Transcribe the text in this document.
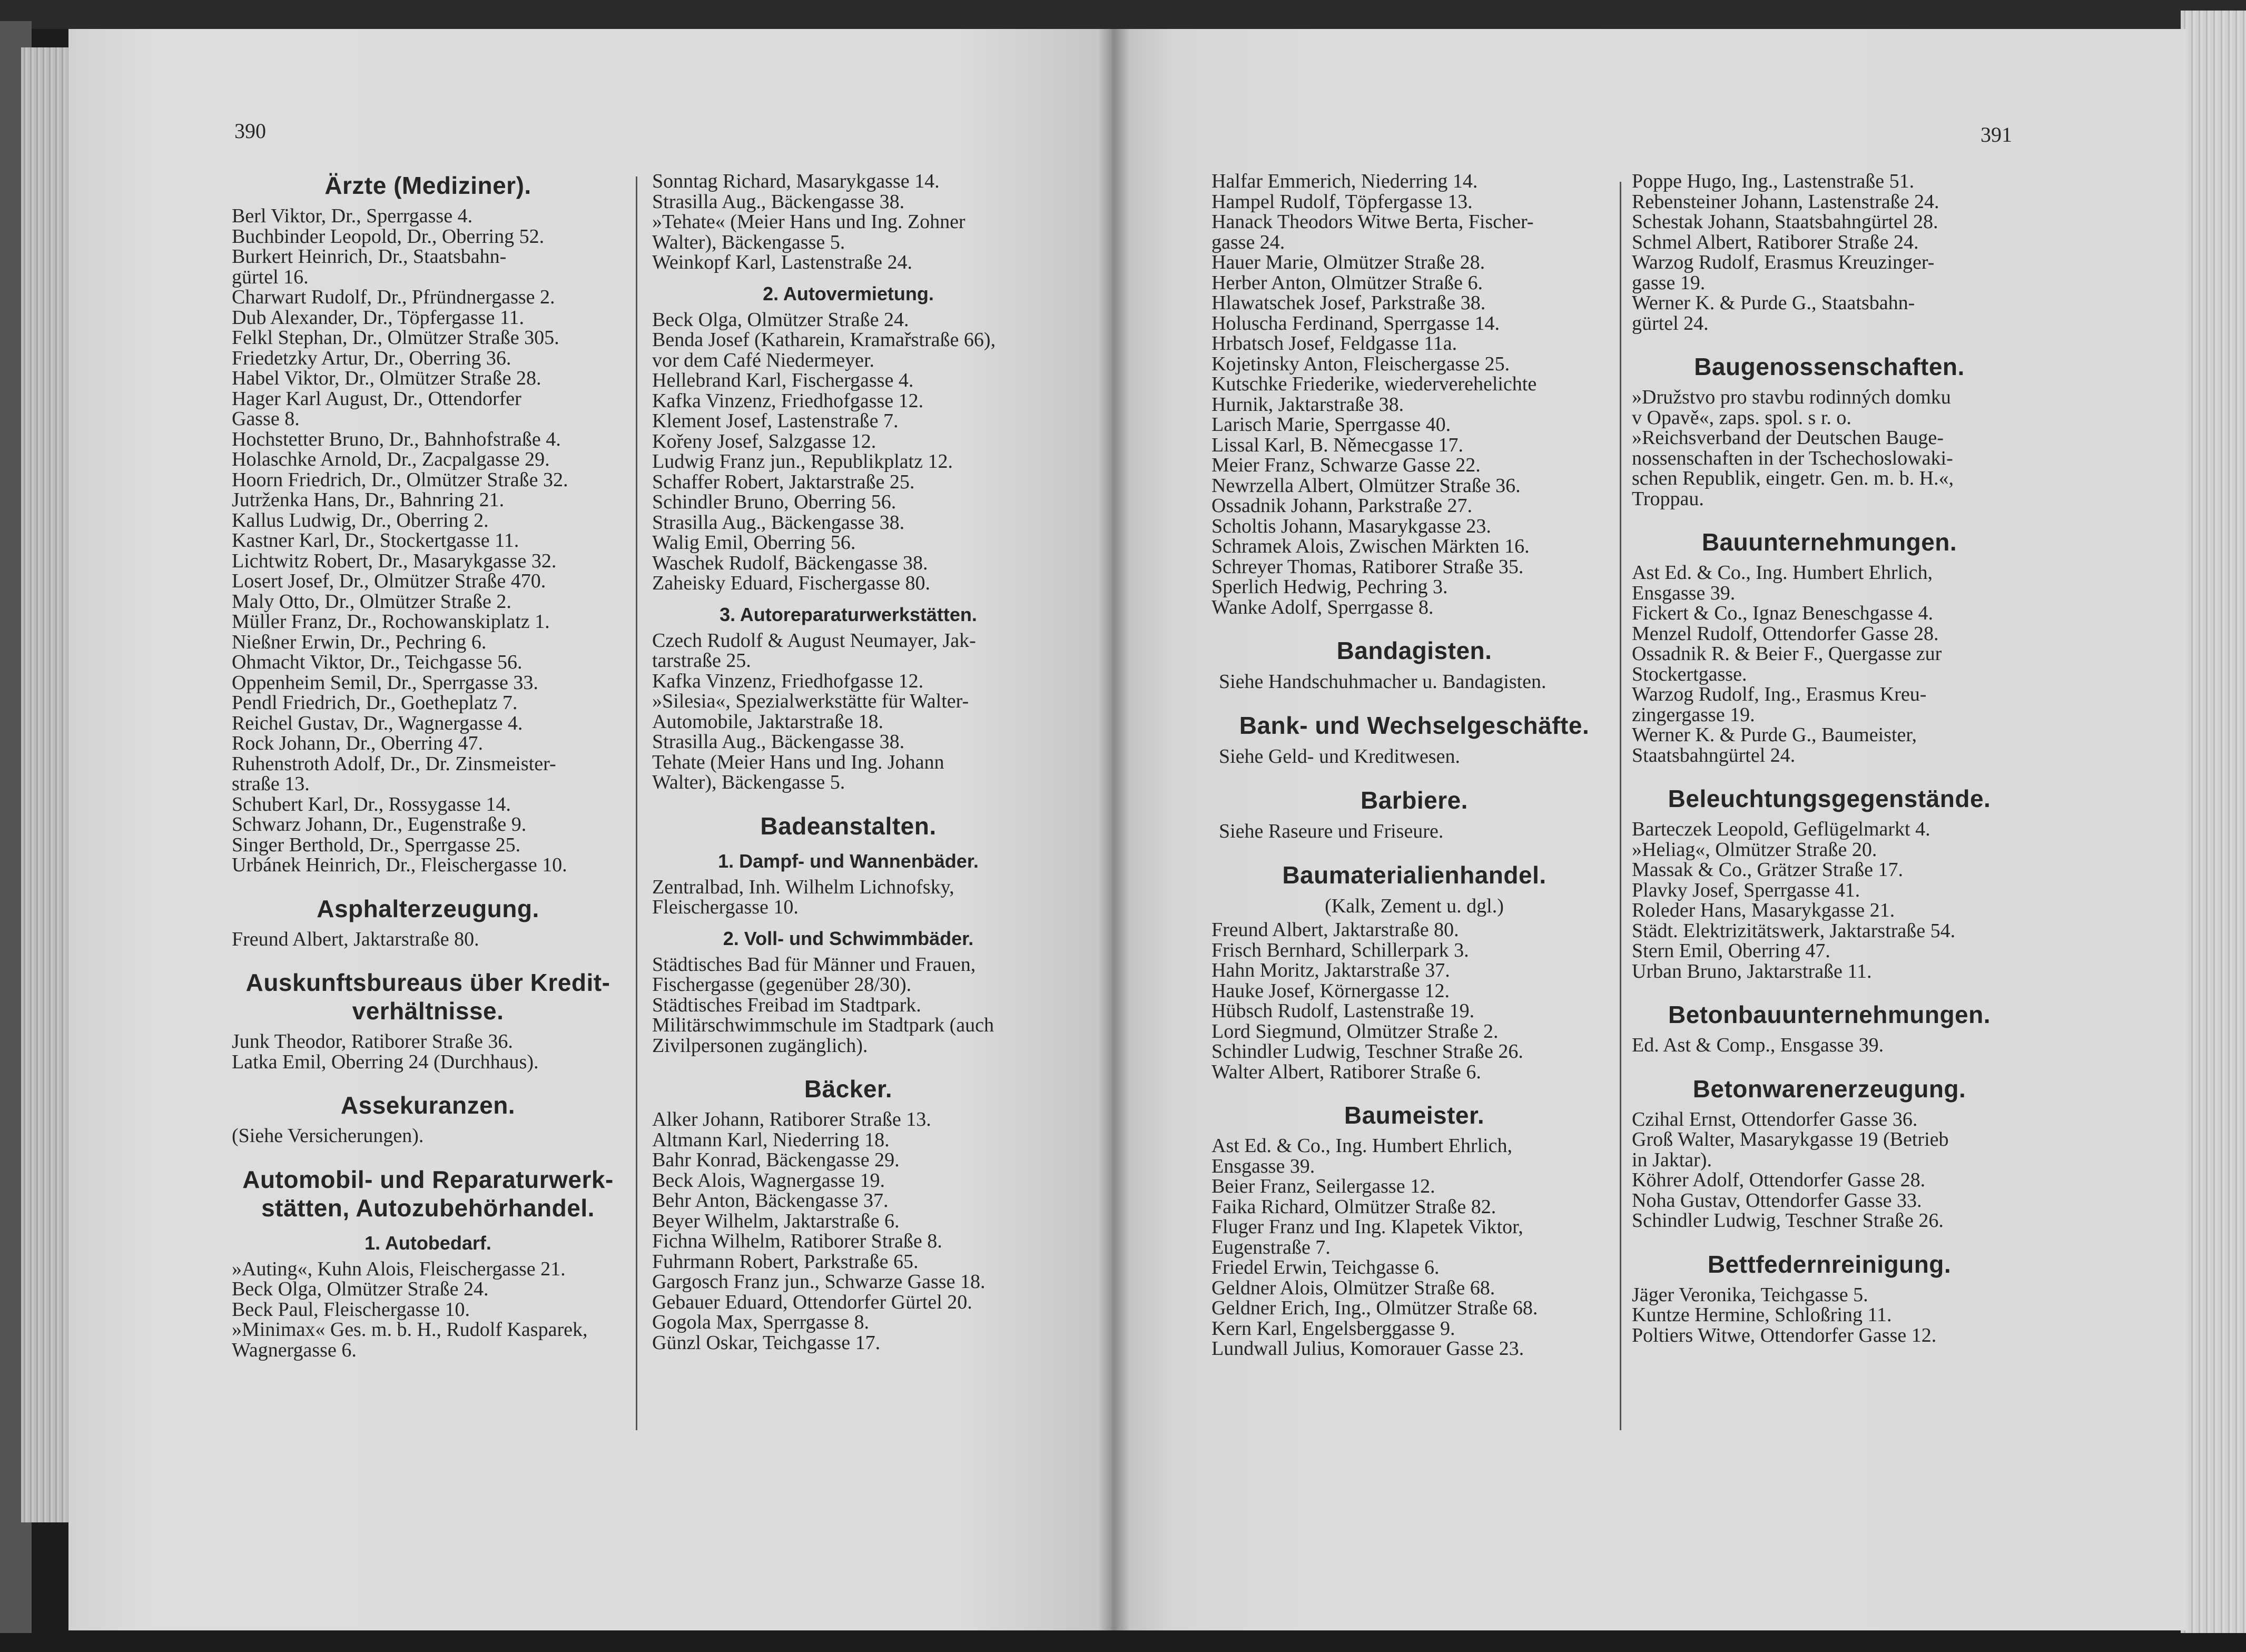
390	391
Ärzte (Mediziner).
Berl Viktor, Dr., Sperrgasse 4.
Buchbinder Leopold, Dr., Oberring 52.
Burkert Heinrich, Dr., Staatsbahn-
gürtel 16.
Charwart Rudolf, Dr., Pfründnergasse 2.
Dub Alexander, Dr., Töpfergasse 11.
Felkl Stephan, Dr., Olmützer Straße 305.
Friedetzky Artur, Dr., Oberring 36.
Habel Viktor, Dr., Olmützer Straße 28.
Hager Karl August, Dr., Ottendorfer
Gasse 8.
Hochstetter Bruno, Dr., Bahnhofstraße 4.
Holaschke Arnold, Dr., Zacpalgasse 29.
Hoorn Friedrich, Dr., Olmützer Straße 32.
Jutrženka Hans, Dr., Bahnring 21.
Kallus Ludwig, Dr., Oberring 2.
Kastner Karl, Dr., Stockertgasse 11.
Lichtwitz Robert, Dr., Masarykgasse 32.
Losert Josef, Dr., Olmützer Straße 470.
Maly Otto, Dr., Olmützer Straße 2.
Müller Franz, Dr., Rochowanskiplatz 1.
Nießner Erwin, Dr., Pechring 6.
Ohmacht Viktor, Dr., Teichgasse 56.
Oppenheim Semil, Dr., Sperrgasse 33.
Pendl Friedrich, Dr., Goetheplatz 7.
Reichel Gustav, Dr., Wagnergasse 4.
Rock Johann, Dr., Oberring 47.
Ruhenstroth Adolf, Dr., Dr. Zinsmeister-
straße 13.
Schubert Karl, Dr., Rossygasse 14.
Schwarz Johann, Dr., Eugenstraße 9.
Singer Berthold, Dr., Sperrgasse 25.
Urbánek Heinrich, Dr., Fleischergasse 10.
Asphalterzeugung.
Freund Albert, Jaktarstraße 80.
Auskunftsbureaus über Kredit-
verhältnisse.
Junk Theodor, Ratiborer Straße 36.
Latka Emil, Oberring 24 (Durchhaus).
Assekuranzen.
(Siehe Versicherungen).
Automobil- und Reparaturwerk-
stätten, Autozubehörhandel.
1. Autobedarf.
»Auting«, Kuhn Alois, Fleischergasse 21.
Beck Olga, Olmützer Straße 24.
Beck Paul, Fleischergasse 10.
»Minimax« Ges. m. b. H., Rudolf Kasparek,
Wagnergasse 6.
Sonntag Richard, Masarykgasse 14.
Strasilla Aug., Bäckengasse 38.
»Tehate« (Meier Hans und Ing. Zohner
Walter), Bäckengasse 5.
Weinkopf Karl, Lastenstraße 24.
2. Autovermietung.
Beck Olga, Olmützer Straße 24.
Benda Josef (Katharein, Kramařstraße 66),
vor dem Café Niedermeyer.
Hellebrand Karl, Fischergasse 4.
Kafka Vinzenz, Friedhofgasse 12.
Klement Josef, Lastenstraße 7.
Kořeny Josef, Salzgasse 12.
Ludwig Franz jun., Republikplatz 12.
Schaffer Robert, Jaktarstraße 25.
Schindler Bruno, Oberring 56.
Strasilla Aug., Bäckengasse 38.
Walig Emil, Oberring 56.
Waschek Rudolf, Bäckengasse 38.
Zaheisky Eduard, Fischergasse 80.
3. Autoreparaturwerkstätten.
Czech Rudolf & August Neumayer, Jak-
tarstraße 25.
Kafka Vinzenz, Friedhofgasse 12.
»Silesia«, Spezialwerkstätte für Walter-
Automobile, Jaktarstraße 18.
Strasilla Aug., Bäckengasse 38.
Tehate (Meier Hans und Ing. Johann
Walter), Bäckengasse 5.
Badeanstalten.
1. Dampf- und Wannenbäder.
Zentralbad, Inh. Wilhelm Lichnofsky,
Fleischergasse 10.
2. Voll- und Schwimmbäder.
Städtisches Bad für Männer und Frauen,
Fischergasse (gegenüber 28/30).
Städtisches Freibad im Stadtpark.
Militärschwimmschule im Stadtpark (auch
Zivilpersonen zugänglich).
Bäcker.
Alker Johann, Ratiborer Straße 13.
Altmann Karl, Niederring 18.
Bahr Konrad, Bäckengasse 29.
Beck Alois, Wagnergasse 19.
Behr Anton, Bäckengasse 37.
Beyer Wilhelm, Jaktarstraße 6.
Fichna Wilhelm, Ratiborer Straße 8.
Fuhrmann Robert, Parkstraße 65.
Gargosch Franz jun., Schwarze Gasse 18.
Gebauer Eduard, Ottendorfer Gürtel 20.
Gogola Max, Sperrgasse 8.
Günzl Oskar, Teichgasse 17.
Halfar Emmerich, Niederring 14.
Hampel Rudolf, Töpfergasse 13.
Hanack Theodors Witwe Berta, Fischer-
gasse 24.
Hauer Marie, Olmützer Straße 28.
Herber Anton, Olmützer Straße 6.
Hlawatschek Josef, Parkstraße 38.
Holuscha Ferdinand, Sperrgasse 14.
Hrbatsch Josef, Feldgasse 11a.
Kojetinsky Anton, Fleischergasse 25.
Kutschke Friederike, wiederverehelichte
Hurnik, Jaktarstraße 38.
Larisch Marie, Sperrgasse 40.
Lissal Karl, B. Němecgasse 17.
Meier Franz, Schwarze Gasse 22.
Newrzella Albert, Olmützer Straße 36.
Ossadnik Johann, Parkstraße 27.
Scholtis Johann, Masarykgasse 23.
Schramek Alois, Zwischen Märkten 16.
Schreyer Thomas, Ratiborer Straße 35.
Sperlich Hedwig, Pechring 3.
Wanke Adolf, Sperrgasse 8.
Bandagisten.
Siehe Handschuhmacher u. Bandagisten.
Bank- und Wechselgeschäfte.
Siehe Geld- und Kreditwesen.
Barbiere.
Siehe Raseure und Friseure.
Baumaterialienhandel.
(Kalk, Zement u. dgl.)
Freund Albert, Jaktarstraße 80.
Frisch Bernhard, Schillerpark 3.
Hahn Moritz, Jaktarstraße 37.
Hauke Josef, Körnergasse 12.
Hübsch Rudolf, Lastenstraße 19.
Lord Siegmund, Olmützer Straße 2.
Schindler Ludwig, Teschner Straße 26.
Walter Albert, Ratiborer Straße 6.
Baumeister.
Ast Ed. & Co., Ing. Humbert Ehrlich,
Ensgasse 39.
Beier Franz, Seilergasse 12.
Faika Richard, Olmützer Straße 82.
Fluger Franz und Ing. Klapetek Viktor,
Eugenstraße 7.
Friedel Erwin, Teichgasse 6.
Geldner Alois, Olmützer Straße 68.
Geldner Erich, Ing., Olmützer Straße 68.
Kern Karl, Engelsberggasse 9.
Lundwall Julius, Komorauer Gasse 23.
Poppe Hugo, Ing., Lastenstraße 51.
Rebensteiner Johann, Lastenstraße 24.
Schestak Johann, Staatsbahngürtel 28.
Schmel Albert, Ratiborer Straße 24.
Warzog Rudolf, Erasmus Kreuzinger-
gasse 19.
Werner K. & Purde G., Staatsbahn-
gürtel 24.
Baugenossenschaften.
»Družstvo pro stavbu rodinných domku
v Opavě«, zaps. spol. s r. o.
»Reichsverband der Deutschen Bauge-
nossenschaften in der Tschechoslowaki-
schen Republik, eingetr. Gen. m. b. H.«,
Troppau.
Bauunternehmungen.
Ast Ed. & Co., Ing. Humbert Ehrlich,
Ensgasse 39.
Fickert & Co., Ignaz Beneschgasse 4.
Menzel Rudolf, Ottendorfer Gasse 28.
Ossadnik R. & Beier F., Quergasse zur
Stockertgasse.
Warzog Rudolf, Ing., Erasmus Kreu-
zingergasse 19.
Werner K. & Purde G., Baumeister,
Staatsbahngürtel 24.
Beleuchtungsgegenstände.
Barteczek Leopold, Geflügelmarkt 4.
»Heliag«, Olmützer Straße 20.
Massak & Co., Grätzer Straße 17.
Plavky Josef, Sperrgasse 41.
Roleder Hans, Masarykgasse 21.
Städt. Elektrizitätswerk, Jaktarstraße 54.
Stern Emil, Oberring 47.
Urban Bruno, Jaktarstraße 11.
Betonbauunternehmungen.
Ed. Ast & Comp., Ensgasse 39.
Betonwarenerzeugung.
Czihal Ernst, Ottendorfer Gasse 36.
Groß Walter, Masarykgasse 19 (Betrieb
in Jaktar).
Köhrer Adolf, Ottendorfer Gasse 28.
Noha Gustav, Ottendorfer Gasse 33.
Schindler Ludwig, Teschner Straße 26.
Bettfedernreinigung.
Jäger Veronika, Teichgasse 5.
Kuntze Hermine, Schloßring 11.
Poltiers Witwe, Ottendorfer Gasse 12.
